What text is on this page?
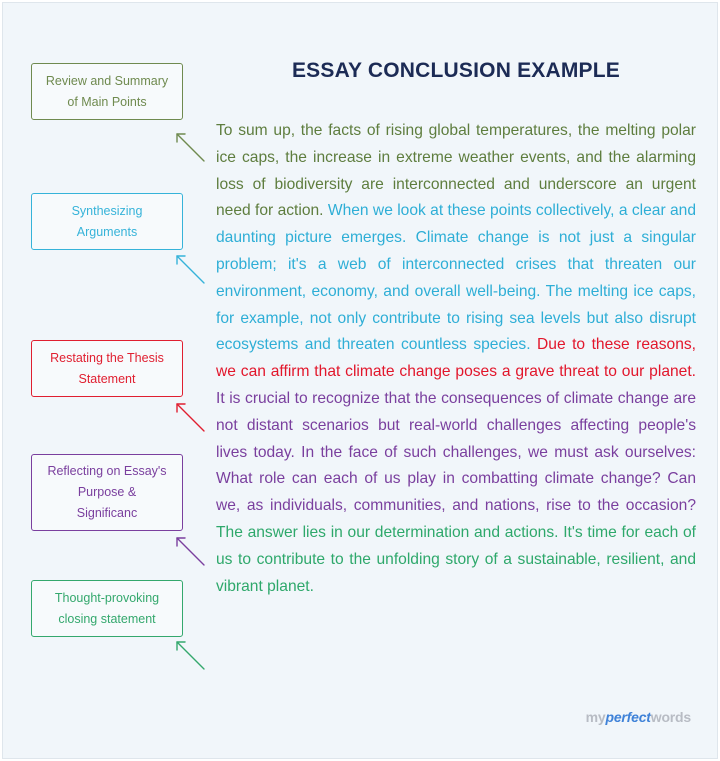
ESSAY CONCLUSION EXAMPLE
Review and Summary
of Main Points
Synthesizing
Arguments
Restating the Thesis
Statement
Reflecting on Essay's
Purpose &
Significanc
Thought-provoking
closing statement

To sum up, the facts of rising global temperatures, the melting polar ice caps, the increase in extreme weather events, and the alarming loss of biodiversity are interconnected and underscore an urgent need for action. When we look at these points collectively, a clear and daunting picture emerges. Climate change is not just a singular problem; it's a web of interconnected crises that threaten our environment, economy, and overall well-being. The melting ice caps, for example, not only contribute to rising sea levels but also disrupt ecosystems and threaten countless species. Due to these reasons, we can affirm that climate change poses a grave threat to our planet. It is crucial to recognize that the consequences of climate change are not distant scenarios but real-world challenges affecting people's lives today. In the face of such challenges, we must ask ourselves: What role can each of us play in combatting climate change? Can we, as individuals, communities, and nations, rise to the occasion? The answer lies in our determination and actions. It's time for each of us to contribute to the unfolding story of a sustainable, resilient, and vibrant planet.

myperfectwords
